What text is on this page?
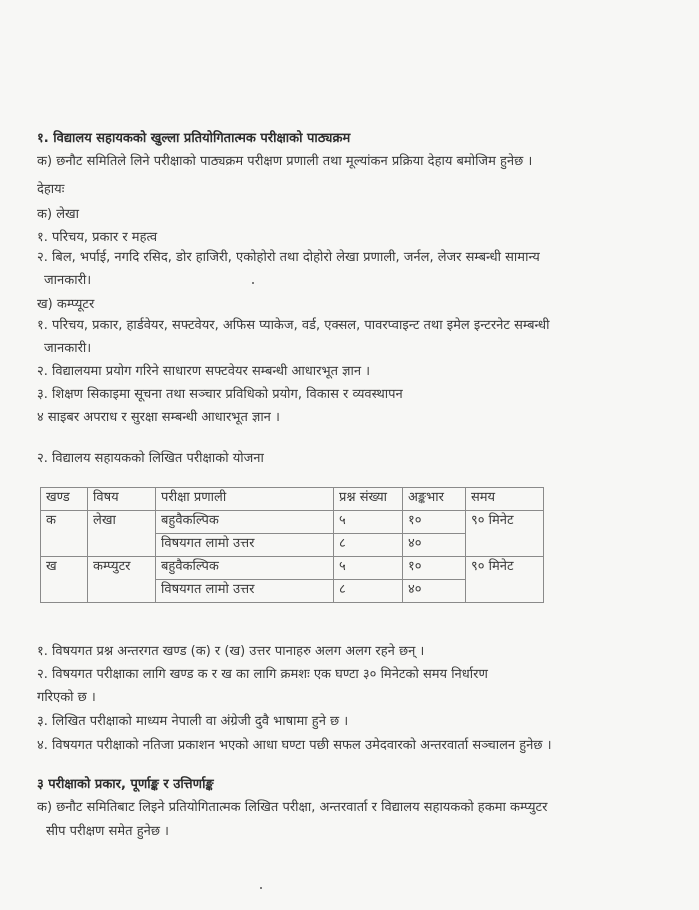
१. विद्यालय सहायकको खुल्ला प्रतियोगितात्मक परीक्षाको पाठ्यक्रम
क) छनौट समितिले लिने परीक्षाको पाठ्यक्रम परीक्षण प्रणाली तथा मूल्यांकन प्रक्रिया देहाय बमोजिम हुनेछ ।
देहायः
क) लेखा
१. परिचय, प्रकार र महत्व
२. बिल, भर्पाई, नगदि रसिद, डोर हाजिरी, एकोहोरो तथा दोहोरो लेखा प्रणाली, जर्नल, लेजर सम्बन्धी सामान्य
जानकारी।
ख) कम्प्यूटर
१. परिचय, प्रकार, हार्डवेयर, सफ्टवेयर, अफिस प्याकेज, वर्ड, एक्सल, पावरप्वाइन्ट तथा इमेल इन्टरनेट सम्बन्धी
जानकारी।
२. विद्यालयमा प्रयोग गरिने साधारण सफ्टवेयर सम्बन्धी आधारभूत ज्ञान ।
३. शिक्षण सिकाइमा सूचना तथा सञ्चार प्रविधिको प्रयोग, विकास र व्यवस्थापन
४ साइबर अपराध र सुरक्षा सम्बन्धी आधारभूत ज्ञान ।
२. विद्यालय सहायकको लिखित परीक्षाको योजना
खण्ड	विषय	परीक्षा प्रणाली	प्रश्न संख्या	अङ्कभार	समय
क	लेखा	बहुवैकल्पिक	५	१०	९० मिनेट
		विषयगत लामो उत्तर	८	४०	
ख	कम्प्युटर	बहुवैकल्पिक	५	१०	९० मिनेट
		विषयगत लामो उत्तर	८	४०	
१. विषयगत प्रश्न अन्तरगत खण्ड (क) र (ख) उत्तर पानाहरु अलग अलग रहने छन् ।
२. विषयगत परीक्षाका लागि खण्ड क र ख का लागि क्रमशः एक घण्टा ३० मिनेटको समय निर्धारण
गरिएको छ ।
३. लिखित परीक्षाको माध्यम नेपाली वा अंग्रेजी दुवै भाषामा हुने छ ।
४. विषयगत परीक्षाको नतिजा प्रकाशन भएको आधा घण्टा पछी सफल उमेदवारको अन्तरवार्ता सञ्चालन हुनेछ ।
३ परीक्षाको प्रकार, पूर्णाङ्क र उत्तिर्णाङ्क
क) छनौट समितिबाट लिइने प्रतियोगितात्मक लिखित परीक्षा, अन्तरवार्ता र विद्यालय सहायकको हकमा कम्प्युटर
सीप परीक्षण समेत हुनेछ ।
